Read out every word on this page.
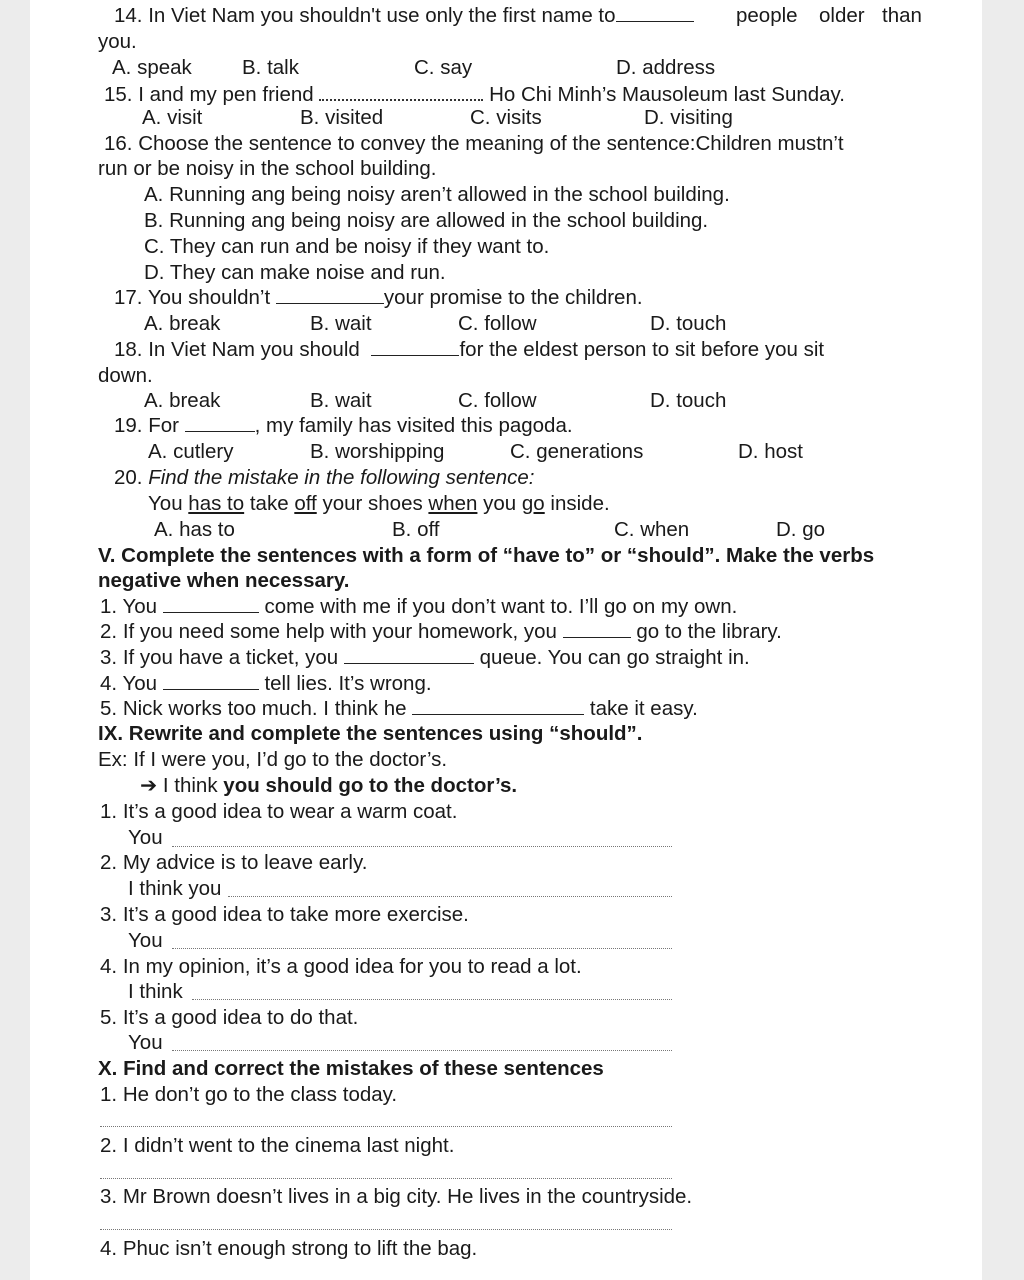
14. In Viet Nam you shouldn't use only the first name to	people older than
you.
A. speak B. talk	C. say	D. address
15. I and my pen friend	Ho Chi Minh’s Mausoleum last Sunday.
A. visit	B. visited	C. visits	D. visiting
16. Choose the sentence to convey the meaning of the sentence:Children mustn’t
run or be noisy in the school building.
A. Running ang being noisy aren’t allowed in the school building.
B. Running ang being noisy are allowed in the school building.
C. They can run and be noisy if they want to.
D. They can make noise and run.
17. You shouldn’t	your promise to the children.
A. break	B. wait	C. follow	D. touch
18. In Viet Nam you should	for the eldest person to sit before you sit
down.
A. break	B. wait	C. follow	D. touch
19. For	, my family has visited this pagoda.
A. cutlery	B. worshipping	C. generations	D. host
20. Find the mistake in the following sentence:
You has to take off your shoes when you go inside.
A. has to	B. off	C. when	D. go
V. Complete the sentences with a form of “have to” or “should”. Make the verbs
negative when necessary.
1. You	come with me if you don’t want to. I’ll go on my own.
2. If you need some help with your homework, you	go to the library.
3. If you have a ticket, you	queue. You can go straight in.
4. You	tell lies. It’s wrong.
5. Nick works too much. I think he	take it easy.
IX. Rewrite and complete the sentences using “should”.
Ex: If I were you, I’d go to the doctor’s.
➔ I think you should go to the doctor’s.
1. It’s a good idea to wear a warm coat.
You
2. My advice is to leave early.
I think you
3. It’s a good idea to take more exercise.
You
4. In my opinion, it’s a good idea for you to read a lot.
I think
5. It’s a good idea to do that.
You
X. Find and correct the mistakes of these sentences
1. He don’t go to the class today.
2. I didn’t went to the cinema last night.
3. Mr Brown doesn’t lives in a big city. He lives in the countryside.
4. Phuc isn’t enough strong to lift the bag.
